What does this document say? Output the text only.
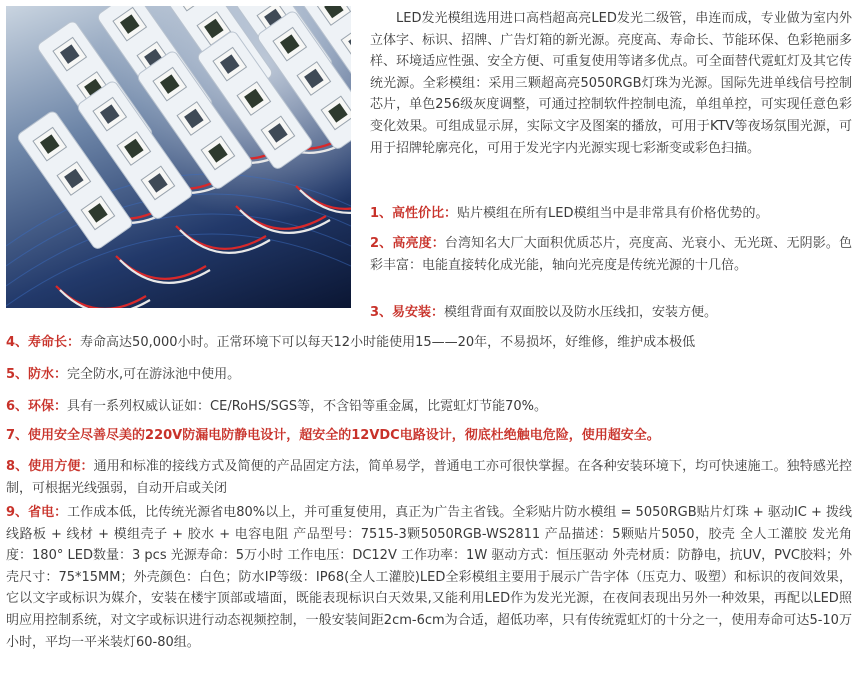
LED发光模组选用进口高档超高亮LED发光二级管，串连而成，专业做为室内外立体字、标识、招牌、广告灯箱的新光源。亮度高、寿命长、节能环保、色彩艳丽多样、环境适应性强、安全方便、可重复使用等诸多优点。可全面替代霓虹灯及其它传统光源。全彩模组：采用三颗超高亮5050RGB灯珠为光源。国际先进单线信号控制芯片，单色256级灰度调整，可通过控制软件控制电流，单组单控，可实现任意色彩变化效果。可组成显示屏，实际文字及图案的播放，可用于KTV等夜场氛围光源，可用于招牌轮廓亮化，可用于发光字内光源实现七彩渐变或彩色扫描。

1、高性价比：贴片模组在所有LED模组当中是非常具有价格优势的。

2、高亮度：台湾知名大厂大面积优质芯片，亮度高、光衰小、无光斑、无阴影。色彩丰富：电能直接转化成光能，轴向光亮度是传统光源的十几倍。

3、易安装：模组背面有双面胶以及防水压线扣，安装方便。

4、寿命长：寿命高达50,000小时。正常环境下可以每天12小时能使用15——20年，不易损坏，好维修，维护成本极低

5、防水：完全防水,可在游泳池中使用。

6、环保：具有一系列权威认证如：CE/RoHS/SGS等，不含铅等重金属，比霓虹灯节能70%。

7、使用安全尽善尽美的220V防漏电防静电设计，超安全的12VDC电路设计，彻底杜绝触电危险，使用超安全。

8、使用方便：通用和标准的接线方式及简便的产品固定方法，简单易学，普通电工亦可很快掌握。在各种安装环境下，均可快速施工。独特感光控制，可根据光线强弱，自动开启或关闭

9、省电：工作成本低，比传统光源省电80%以上，并可重复使用，真正为广告主省钱。全彩贴片防水模组 = 5050RGB贴片灯珠 + 驱动IC + 拨线线路板 + 线材 + 模组壳子 + 胶水 + 电容电阻 产品型号：7515-3颗5050RGB-WS2811 产品描述：5颗贴片5050，胶壳 全人工灌胶 发光角度：180° LED数量：3 pcs 光源寿命：5万小时 工作电压：DC12V 工作功率：1W 驱动方式：恒压驱动 外壳材质：防静电，抗UV，PVC胶料；外壳尺寸：75*15MM；外壳颜色：白色；防水IP等级：IP68(全人工灌胶)LED全彩模组主要用于展示广告字体（压克力、吸塑）和标识的夜间效果，它以文字或标识为媒介，安装在楼宇顶部或墙面，既能表现标识白天效果,又能利用LED作为发光光源，在夜间表现出另外一种效果，再配以LED照明应用控制系统，对文字或标识进行动态视频控制，一般安装间距2cm-6cm为合适，超低功率，只有传统霓虹灯的十分之一，使用寿命可达5-10万小时，平均一平米装灯60-80组。
